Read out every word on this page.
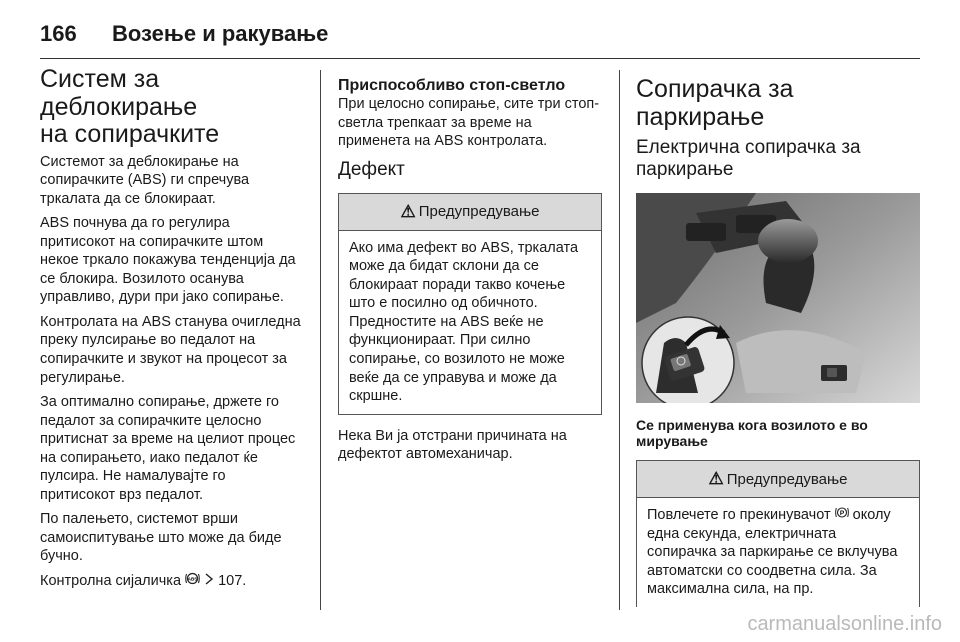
166	Возење и ракување
Систем за деблокирање
на сопирачките

Системот за деблокирање на сопирачките (ABS) ги спречува тркалата да се блокираат.

ABS почнува да го регулира притисокот на сопирачките штом некое тркало покажува тенденција да се блокира. Возилото осанува управливо, дури при јако сопирање.

Контролата на ABS станува очигледна преку пулсирање во педалот на сопирачките и звукот на процесот за регулирање.

За оптимално сопирање, држете го педалот за сопирачките целосно притиснат за време на целиот процес на сопирањето, иако педалот ќе пулсира. Не намалувајте го притисокот врз педалот.

По палењето, системот врши самоиспитување што може да биде бучно.

Контролна сијаличка ABS 107.

Приспособливо стоп-светло

При целосно сопирање, сите три стоп-светла трепкаат за време на применета на ABS контролата.

Дефект
⚠ Предупредување

Ако има дефект во ABS, тркалата може да бидат склони да се блокираат поради такво кочење што е посилно од обичното. Предностите на ABS веќе не функционираат. При силно сопирање, со возилото не може веќе да се управува и може да скршне.

Нека Ви ја отстрани причината на дефектот автомеханичар.

Сопирачка за паркирање
Електрична сопирачка за
паркирање
Се применува кога возилото е во мирување
⚠ Предупредување

Повлечете го прекинувачот P околу една секунда, електричната сопирачка за паркирање се вклучува автоматски со соодветна сила. За максимална сила, на пр.

carmanualsonline.info
